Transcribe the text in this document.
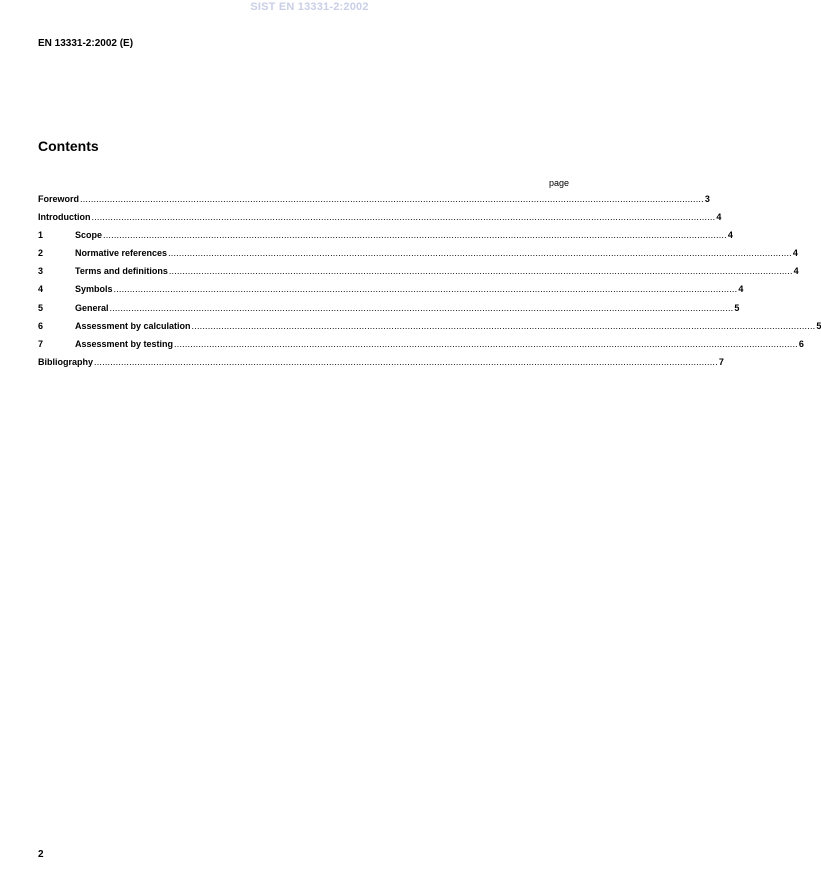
SIST EN 13331-2:2002
EN 13331-2:2002 (E)
Contents
page
Foreword ....................................................................................................................................................................................................................................... 3
Introduction ....................................................................................................................................................................................................................................... 4
1	Scope ....................................................................................................................................................................................................................................... 4
2	Normative references ....................................................................................................................................................................................................................................... 4
3	Terms and definitions ....................................................................................................................................................................................................................................... 4
4	Symbols ....................................................................................................................................................................................................................................... 4
5	General ....................................................................................................................................................................................................................................... 5
6	Assessment by calculation ....................................................................................................................................................................................................................................... 5
7	Assessment by testing ....................................................................................................................................................................................................................................... 6
Bibliography ....................................................................................................................................................................................................................................... 7
2
